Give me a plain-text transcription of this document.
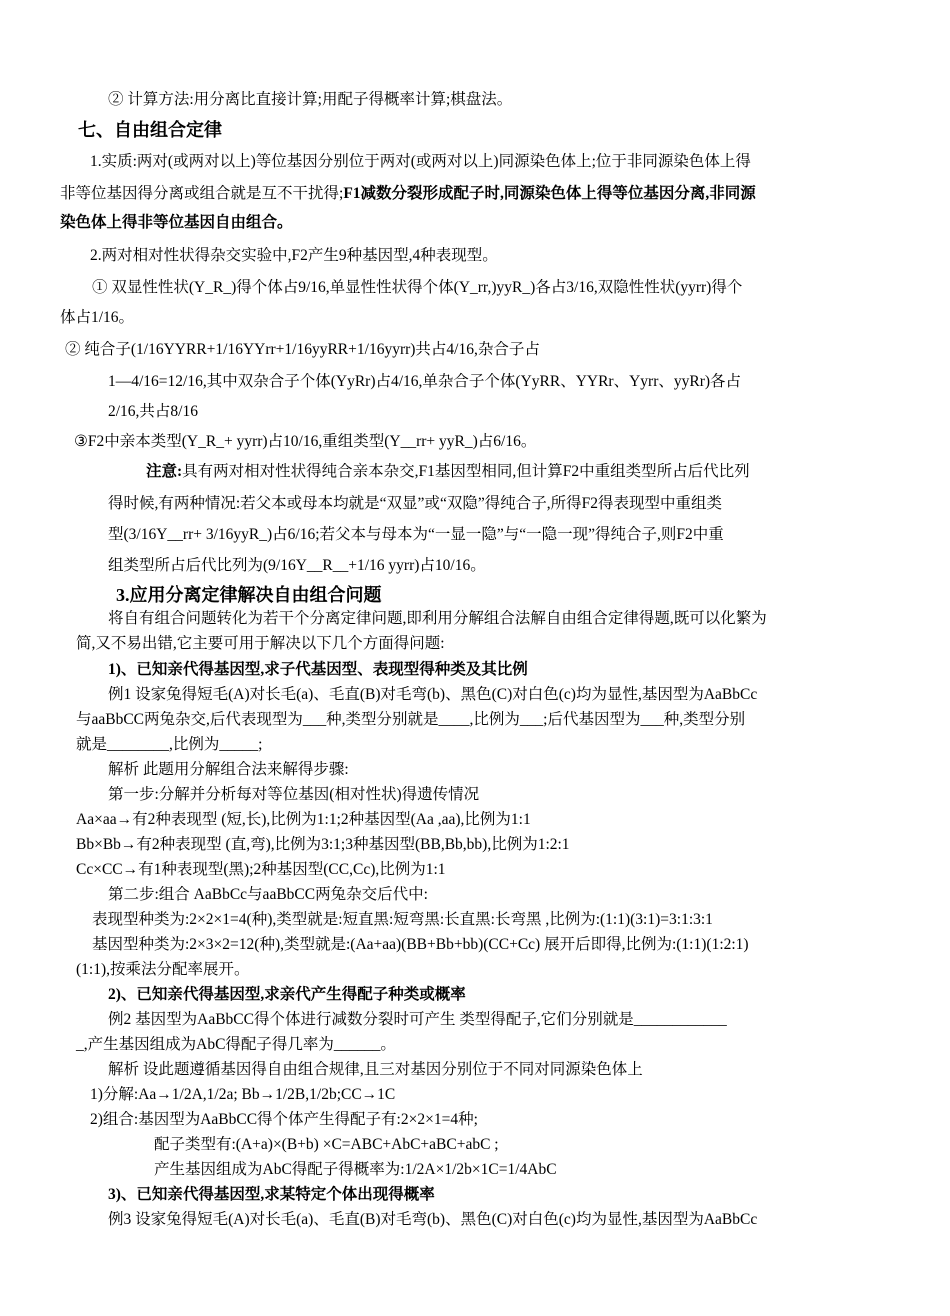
② 计算方法:用分离比直接计算;用配子得概率计算;棋盘法。
七、自由组合定律
1.实质:两对(或两对以上)等位基因分别位于两对(或两对以上)同源染色体上;位于非同源染色体上得
非等位基因得分离或组合就是互不干扰得;F1减数分裂形成配子时,同源染色体上得等位基因分离,非同源
染色体上得非等位基因自由组合。
2.两对相对性状得杂交实验中,F2产生9种基因型,4种表现型。
① 双显性性状(Y_R_)得个体占9/16,单显性性状得个体(Y_rr,)yyR_)各占3/16,双隐性性状(yyrr)得个
体占1/16。
② 纯合子(1/16YYRR+1/16YYrr+1/16yyRR+1/16yyrr)共占4/16,杂合子占
1—4/16=12/16,其中双杂合子个体(YyRr)占4/16,单杂合子个体(YyRR、YYRr、Yyrr、yyRr)各占
2/16,共占8/16
③F2中亲本类型(Y_R_+ yyrr)占10/16,重组类型(Y__rr+ yyR_)占6/16。
注意:具有两对相对性状得纯合亲本杂交,F1基因型相同,但计算F2中重组类型所占后代比列
得时候,有两种情况:若父本或母本均就是“双显”或“双隐”得纯合子,所得F2得表现型中重组类
型(3/16Y__rr+ 3/16yyR_)占6/16;若父本与母本为“一显一隐”与“一隐一现”得纯合子,则F2中重
组类型所占后代比列为(9/16Y__R__+1/16 yyrr)占10/16。
3.应用分离定律解决自由组合问题
将自有组合问题转化为若干个分离定律问题,即利用分解组合法解自由组合定律得题,既可以化繁为
简,又不易出错,它主要可用于解决以下几个方面得问题:
1)、已知亲代得基因型,求子代基因型、表现型得种类及其比例
例1 设家兔得短毛(A)对长毛(a)、毛直(B)对毛弯(b)、黑色(C)对白色(c)均为显性,基因型为AaBbCc
与aaBbCC两兔杂交,后代表现型为___种,类型分别就是____,比例为___;后代基因型为___种,类型分别
就是________,比例为_____;
解析 此题用分解组合法来解得步骤:
第一步:分解并分析每对等位基因(相对性状)得遗传情况
Aa×aa→有2种表现型 (短,长),比例为1:1;2种基因型(Aa ,aa),比例为1:1
Bb×Bb→有2种表现型 (直,弯),比例为3:1;3种基因型(BB,Bb,bb),比例为1:2:1
Cc×CC→有1种表现型(黑);2种基因型(CC,Cc),比例为1:1
第二步:组合 AaBbCc与aaBbCC两兔杂交后代中:
表现型种类为:2×2×1=4(种),类型就是:短直黑:短弯黑:长直黑:长弯黑 ,比例为:(1:1)(3:1)=3:1:3:1
基因型种类为:2×3×2=12(种),类型就是:(Aa+aa)(BB+Bb+bb)(CC+Cc) 展开后即得,比例为:(1:1)(1:2:1)
(1:1),按乘法分配率展开。
2)、已知亲代得基因型,求亲代产生得配子种类或概率
例2 基因型为AaBbCC得个体进行减数分裂时可产生 类型得配子,它们分别就是____________
_,产生基因组成为AbC得配子得几率为______。
解析 设此题遵循基因得自由组合规律,且三对基因分别位于不同对同源染色体上
1)分解:Aa→1/2A,1/2a; Bb→1/2B,1/2b;CC→1C
2)组合:基因型为AaBbCC得个体产生得配子有:2×2×1=4种;
配子类型有:(A+a)×(B+b) ×C=ABC+AbC+aBC+abC ;
产生基因组成为AbC得配子得概率为:1/2A×1/2b×1C=1/4AbC
3)、已知亲代得基因型,求某特定个体出现得概率
例3 设家兔得短毛(A)对长毛(a)、毛直(B)对毛弯(b)、黑色(C)对白色(c)均为显性,基因型为AaBbCc
